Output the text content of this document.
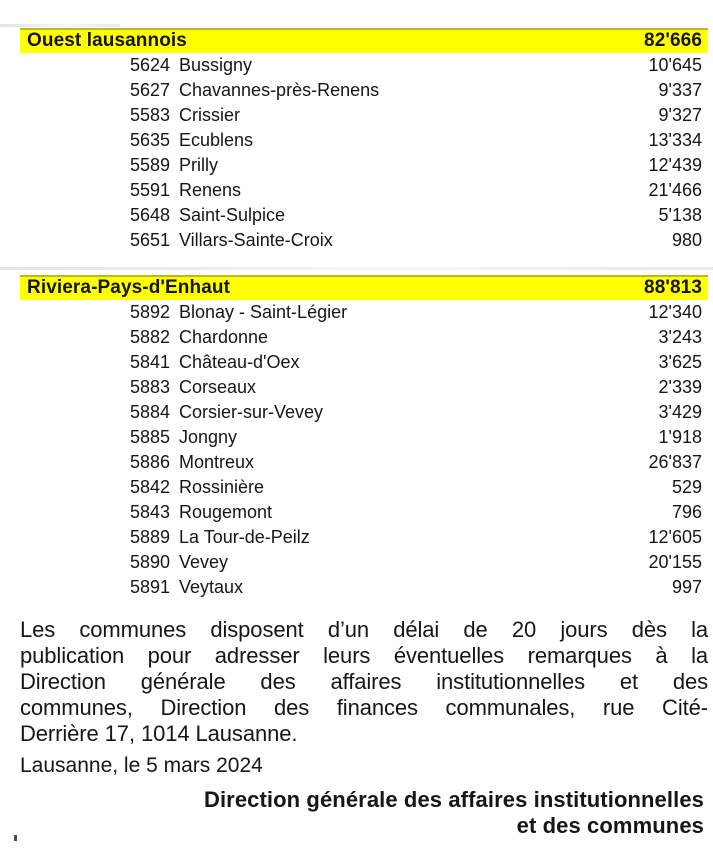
Ouest lausannois	82'666
5624 Bussigny	10'645
5627 Chavannes-près-Renens	9'337
5583 Crissier	9'327
5635 Ecublens	13'334
5589 Prilly	12'439
5591 Renens	21'466
5648 Saint-Sulpice	5'138
5651 Villars-Sainte-Croix	980
Riviera-Pays-d'Enhaut	88'813
5892 Blonay - Saint-Légier	12'340
5882 Chardonne	3'243
5841 Château-d'Oex	3'625
5883 Corseaux	2'339
5884 Corsier-sur-Vevey	3'429
5885 Jongny	1'918
5886 Montreux	26'837
5842 Rossinière	529
5843 Rougemont	796
5889 La Tour-de-Peilz	12'605
5890 Vevey	20'155
5891 Veytaux	997
Les communes disposent d’un délai de 20 jours dès la
publication pour adresser leurs éventuelles remarques à la
Direction générale des affaires institutionnelles et des
communes, Direction des finances communales, rue Cité-
Derrière 17, 1014 Lausanne.
Lausanne, le 5 mars 2024
Direction générale des affaires institutionnelles
et des communes
